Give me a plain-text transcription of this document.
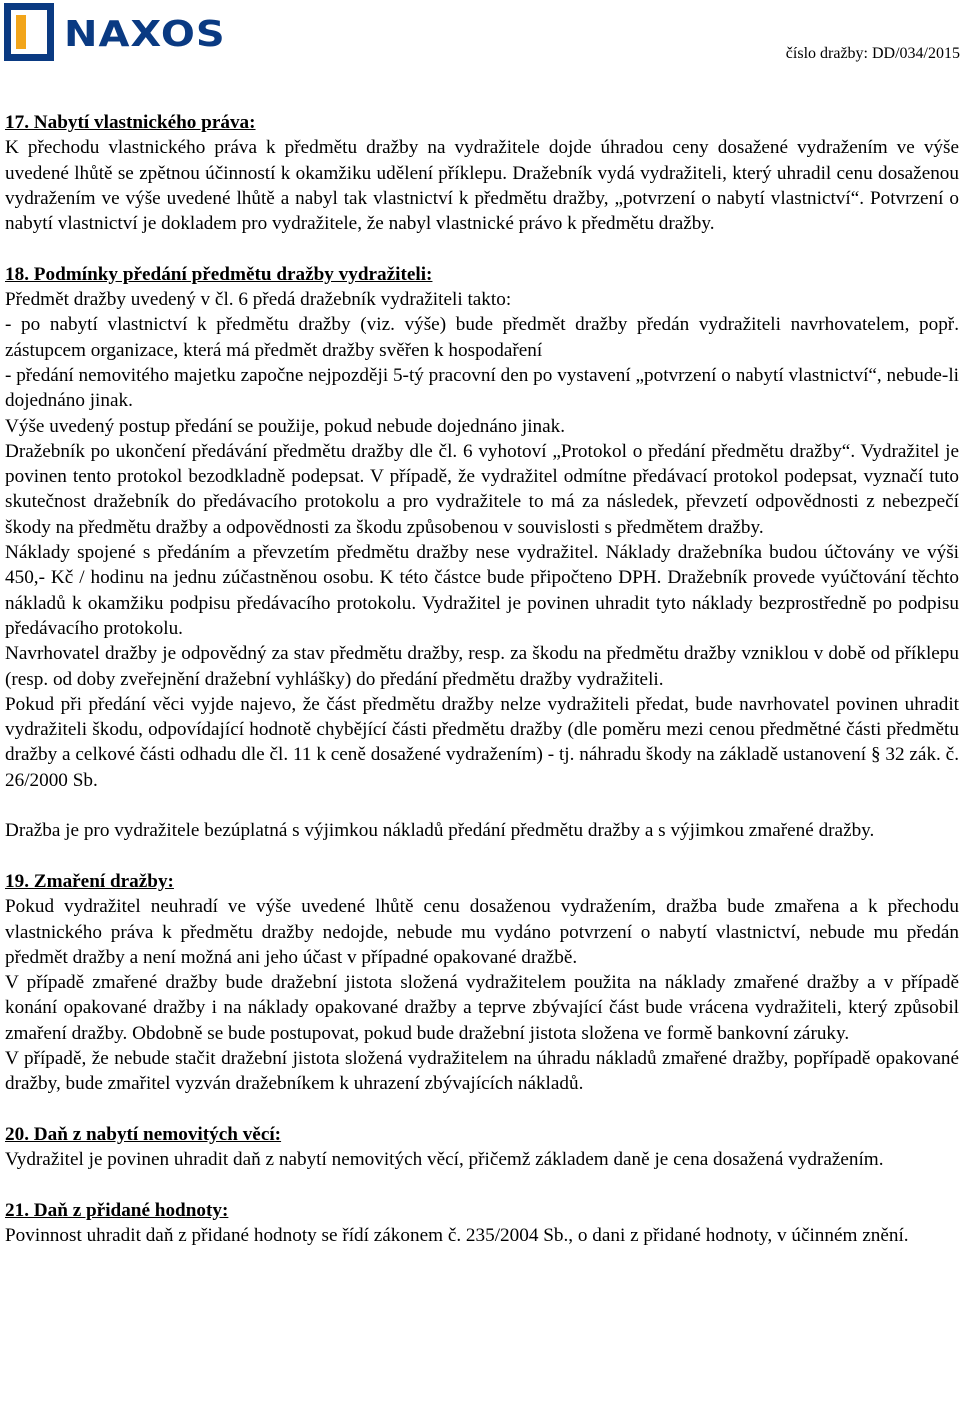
NAXOS	číslo dražby: DD/034/2015
17. Nabytí vlastnického práva:

K přechodu vlastnického práva k předmětu dražby na vydražitele dojde úhradou ceny dosažené vydražením ve výše uvedené lhůtě se zpětnou účinností k okamžiku udělení příklepu. Dražebník vydá vydražiteli, který uhradil cenu dosaženou vydražením ve výše uvedené lhůtě a nabyl tak vlastnictví k předmětu dražby, „potvrzení o nabytí vlastnictví“. Potvrzení o nabytí vlastnictví je dokladem pro vydražitele, že nabyl vlastnické právo k předmětu dražby.

18. Podmínky předání předmětu dražby vydražiteli:

Předmět dražby uvedený v čl. 6 předá dražebník vydražiteli takto:

- po nabytí vlastnictví k předmětu dražby (viz. výše) bude předmět dražby předán vydražiteli navrhovatelem, popř. zástupcem organizace, která má předmět dražby svěřen k hospodaření

- předání nemovitého majetku započne nejpozději 5-tý pracovní den po vystavení „potvrzení o nabytí vlastnictví“, nebude-li dojednáno jinak.

Výše uvedený postup předání se použije, pokud nebude dojednáno jinak.

Dražebník po ukončení předávání předmětu dražby dle čl. 6 vyhotoví „Protokol o předání předmětu dražby“. Vydražitel je povinen tento protokol bezodkladně podepsat. V případě, že vydražitel odmítne předávací protokol podepsat, vyznačí tuto skutečnost dražebník do předávacího protokolu a pro vydražitele to má za následek, převzetí odpovědnosti z nebezpečí škody na předmětu dražby a odpovědnosti za škodu způsobenou v souvislosti s předmětem dražby.

Náklady spojené s předáním a převzetím předmětu dražby nese vydražitel. Náklady dražebníka budou účtovány ve výši 450,- Kč / hodinu na jednu zúčastněnou osobu. K této částce bude připočteno DPH. Dražebník provede vyúčtování těchto nákladů k okamžiku podpisu předávacího protokolu. Vydražitel je povinen uhradit tyto náklady bezprostředně po podpisu předávacího protokolu.

Navrhovatel dražby je odpovědný za stav předmětu dražby, resp. za škodu na předmětu dražby vzniklou v době od příklepu (resp. od doby zveřejnění dražební vyhlášky) do předání předmětu dražby vydražiteli.

Pokud při předání věci vyjde najevo, že část předmětu dražby nelze vydražiteli předat, bude navrhovatel povinen uhradit vydražiteli škodu, odpovídající hodnotě chybějící části předmětu dražby (dle poměru mezi cenou předmětné části předmětu dražby a celkové části odhadu dle čl. 11 k ceně dosažené vydražením) - tj. náhradu škody na základě ustanovení § 32 zák. č. 26/2000 Sb.

Dražba je pro vydražitele bezúplatná s výjimkou nákladů předání předmětu dražby a s výjimkou zmařené dražby.

19. Zmaření dražby:

Pokud vydražitel neuhradí ve výše uvedené lhůtě cenu dosaženou vydražením, dražba bude zmařena a k přechodu vlastnického práva k předmětu dražby nedojde, nebude mu vydáno potvrzení o nabytí vlastnictví, nebude mu předán předmět dražby a není možná ani jeho účast v případné opakované dražbě.

V případě zmařené dražby bude dražební jistota složená vydražitelem použita na náklady zmařené dražby a v případě konání opakované dražby i na náklady opakované dražby a teprve zbývající část bude vrácena vydražiteli, který způsobil zmaření dražby. Obdobně se bude postupovat, pokud bude dražební jistota složena ve formě bankovní záruky.

V případě, že nebude stačit dražební jistota složená vydražitelem na úhradu nákladů zmařené dražby, popřípadě opakované dražby, bude zmařitel vyzván dražebníkem k uhrazení zbývajících nákladů.

20. Daň z nabytí nemovitých věcí:

Vydražitel je povinen uhradit daň z nabytí nemovitých věcí, přičemž základem daně je cena dosažená vydražením.

21. Daň z přidané hodnoty:

Povinnost uhradit daň z přidané hodnoty se řídí zákonem č. 235/2004 Sb., o dani z přidané hodnoty, v účinném znění.
